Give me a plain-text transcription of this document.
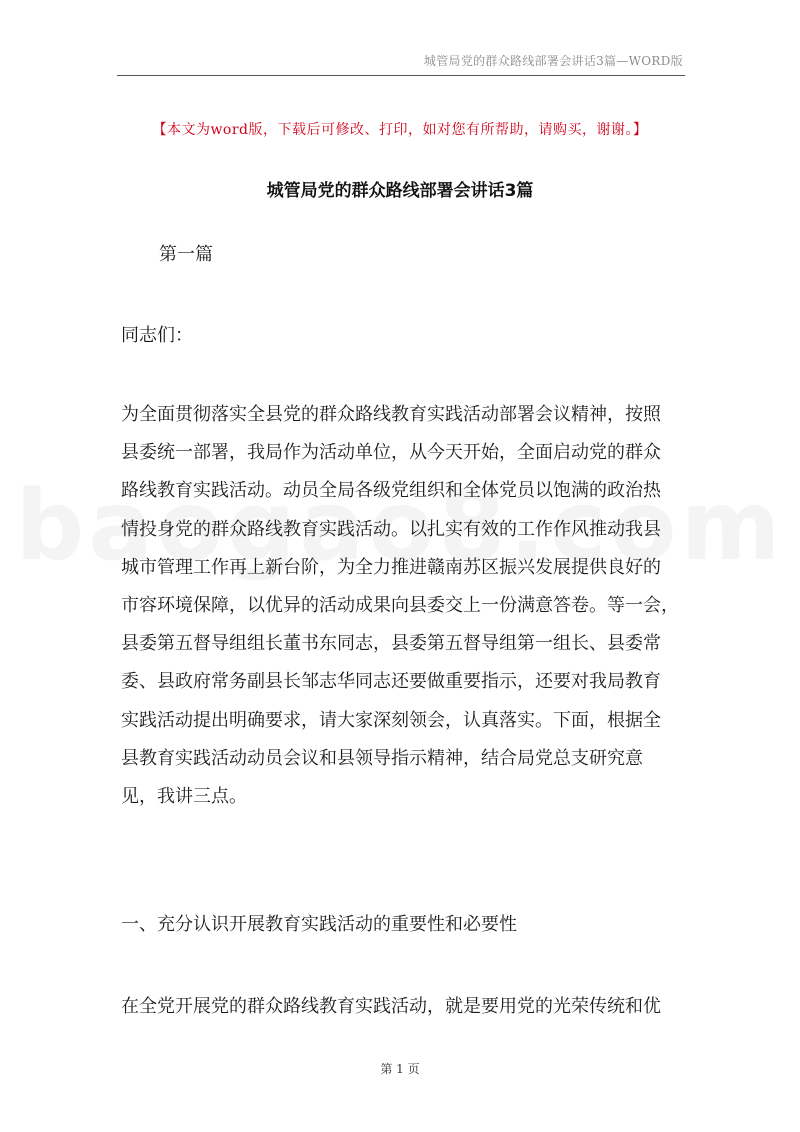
城管局党的群众路线部署会讲话3篇—WORD版
【本文为word版，下载后可修改、打印，如对您有所帮助，请购买，谢谢。】
城管局党的群众路线部署会讲话3篇
第一篇
同志们：
为全面贯彻落实全县党的群众路线教育实践活动部署会议精神，按照
县委统一部署，我局作为活动单位，从今天开始，全面启动党的群众
路线教育实践活动。动员全局各级党组织和全体党员以饱满的政治热
情投身党的群众路线教育实践活动。以扎实有效的工作作风推动我县
城市管理工作再上新台阶，为全力推进赣南苏区振兴发展提供良好的
市容环境保障，以优异的活动成果向县委交上一份满意答卷。等一会，
县委第五督导组组长董书东同志，县委第五督导组第一组长、县委常
委、县政府常务副县长邹志华同志还要做重要指示，还要对我局教育
实践活动提出明确要求，请大家深刻领会，认真落实。下面，根据全
县教育实践活动动员会议和县领导指示精神，结合局党总支研究意
见，我讲三点。
一、充分认识开展教育实践活动的重要性和必要性
在全党开展党的群众路线教育实践活动，就是要用党的光荣传统和优
第 1 页
